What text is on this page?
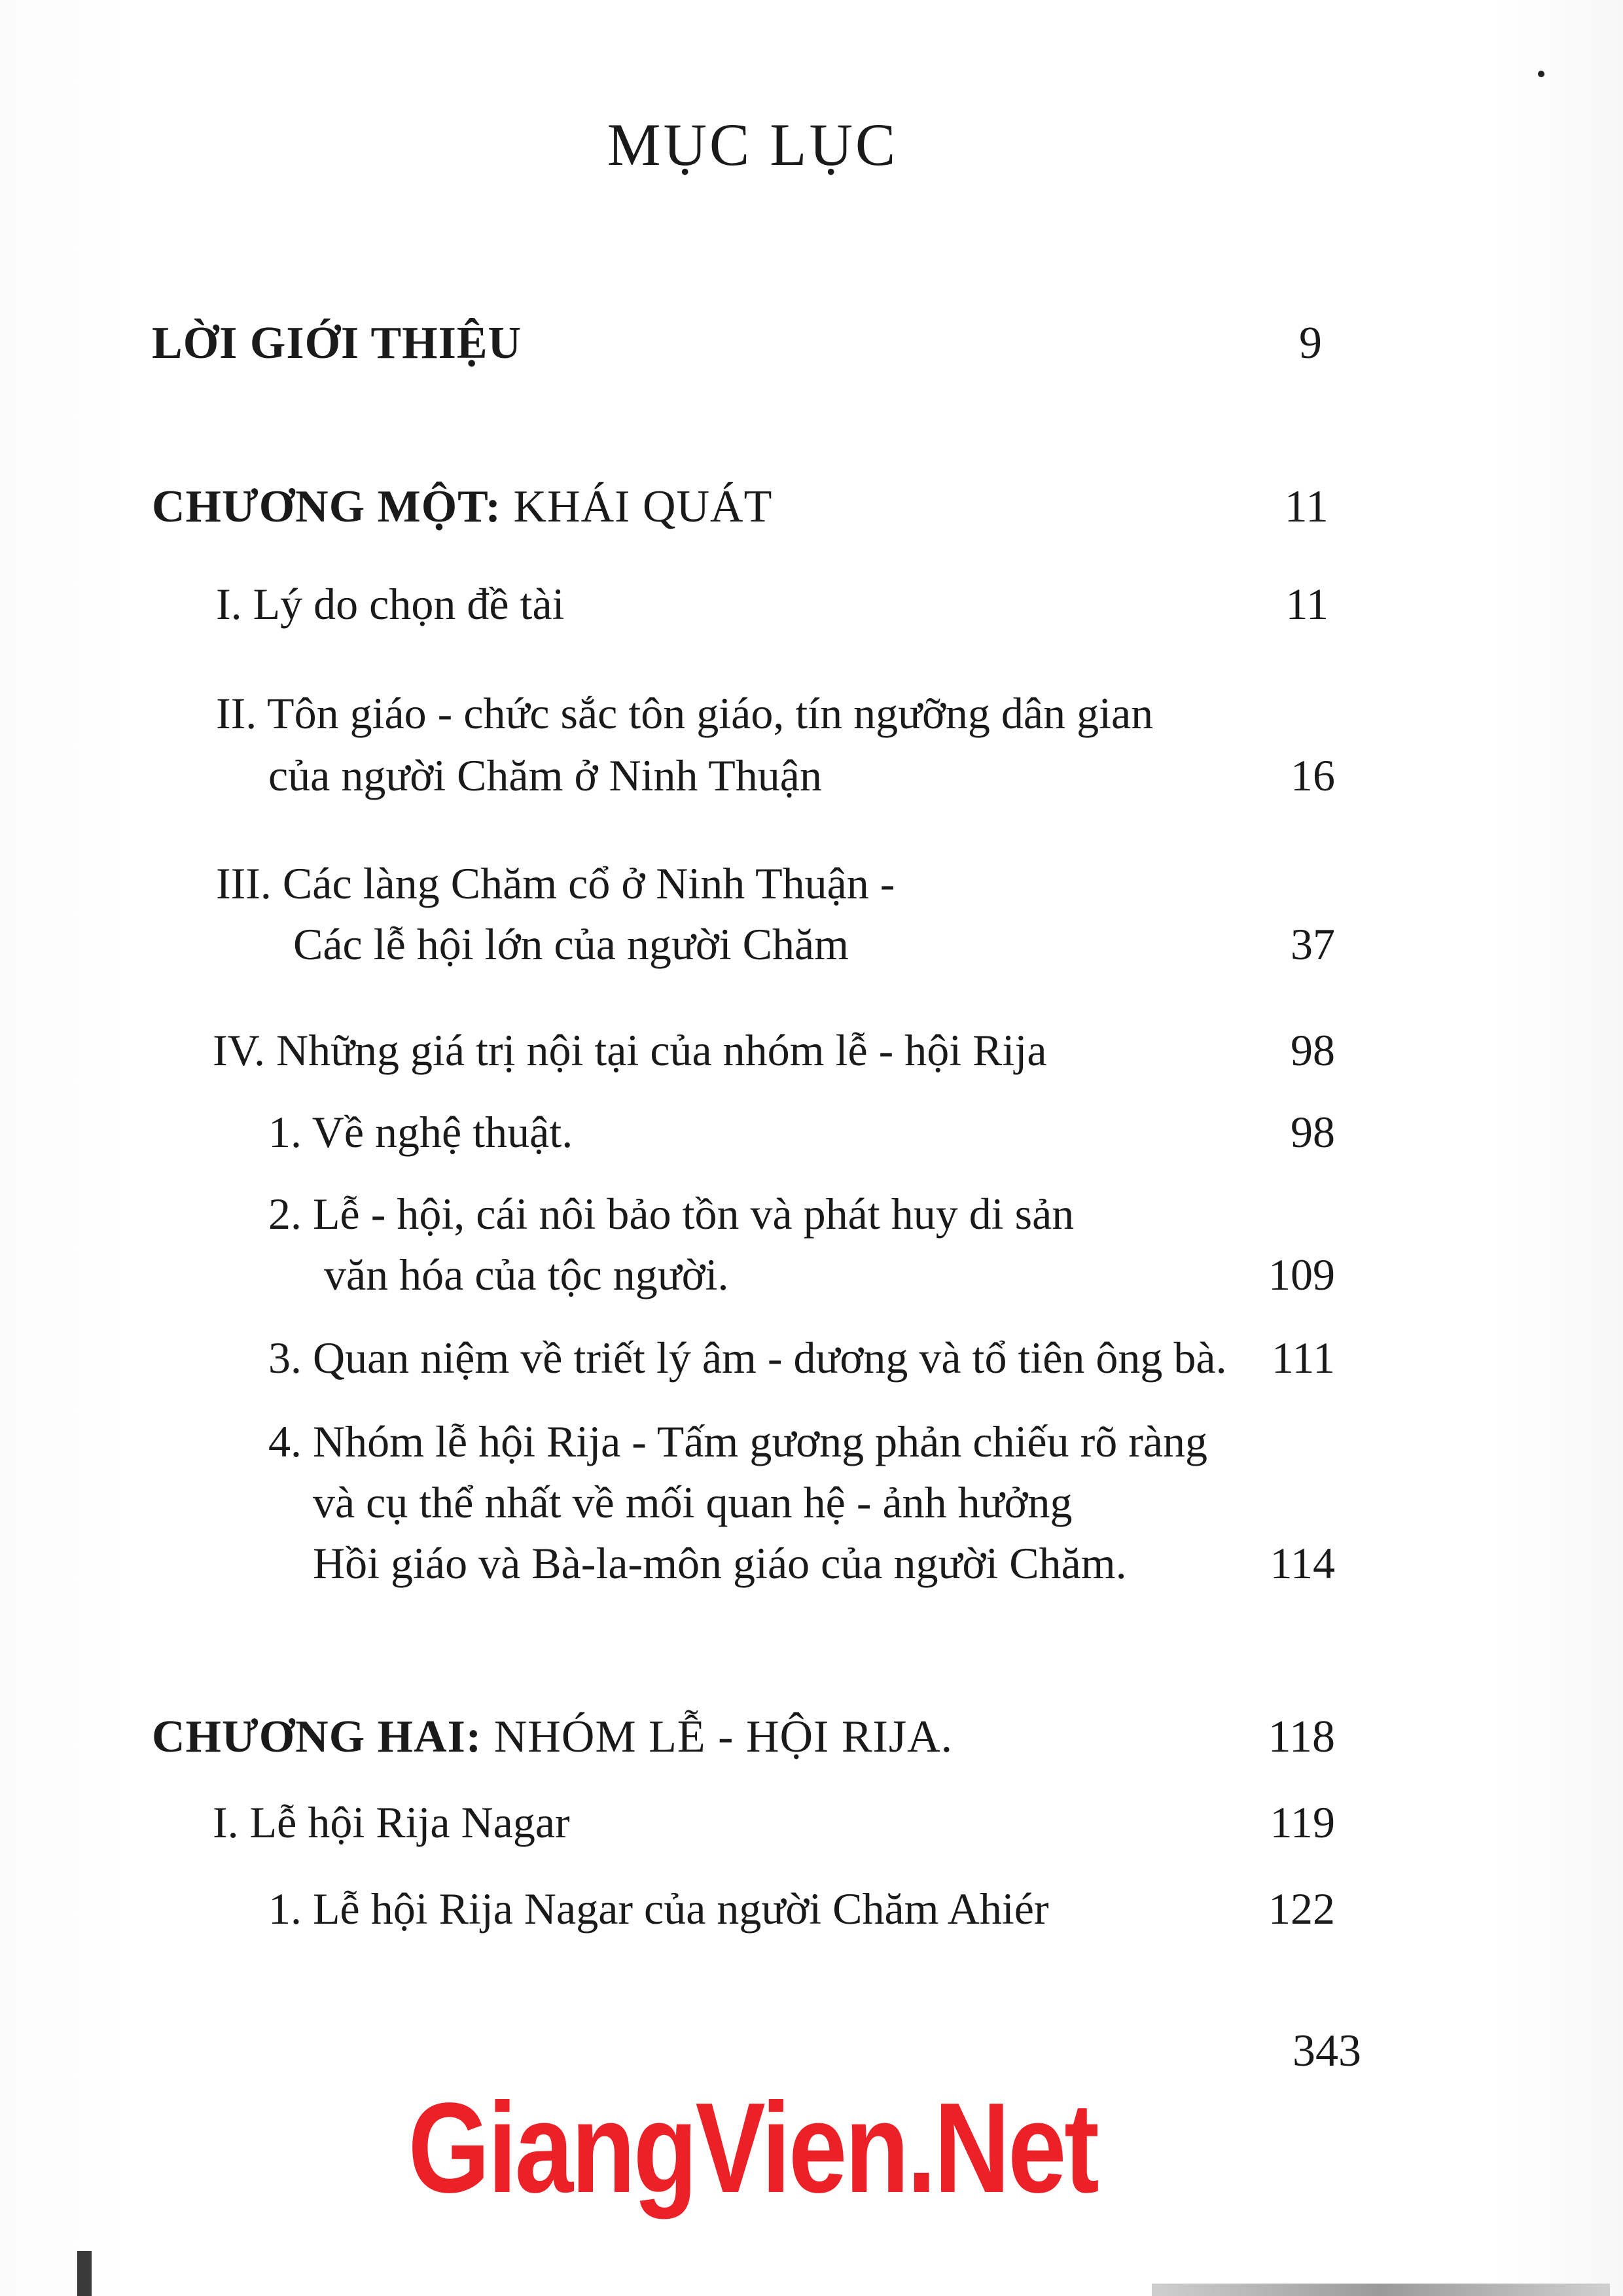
MỤC LỤC
LỜI GIỚI THIỆU	9
CHƯƠNG MỘT: KHÁI QUÁT	11
I. Lý do chọn đề tài	11
II. Tôn giáo - chức sắc tôn giáo, tín ngưỡng dân gian
của người Chăm ở Ninh Thuận	16
III. Các làng Chăm cổ ở Ninh Thuận -
Các lễ hội lớn của người Chăm	37
IV. Những giá trị nội tại của nhóm lễ - hội Rija	98
1. Về nghệ thuật.	98
2. Lễ - hội, cái nôi bảo tồn và phát huy di sản
văn hóa của tộc người.	109
3. Quan niệm về triết lý âm - dương và tổ tiên ông bà. 111
4. Nhóm lễ hội Rija - Tấm gương phản chiếu rõ ràng
và cụ thể nhất về mối quan hệ - ảnh hưởng
Hồi giáo và Bà-la-môn giáo của người Chăm.	114
CHƯƠNG HAI: NHÓM LỄ - HỘI RIJA.	118
I. Lễ hội Rija Nagar	119
1. Lễ hội Rija Nagar của người Chăm Ahiér	122
343
GiangVien.Net
